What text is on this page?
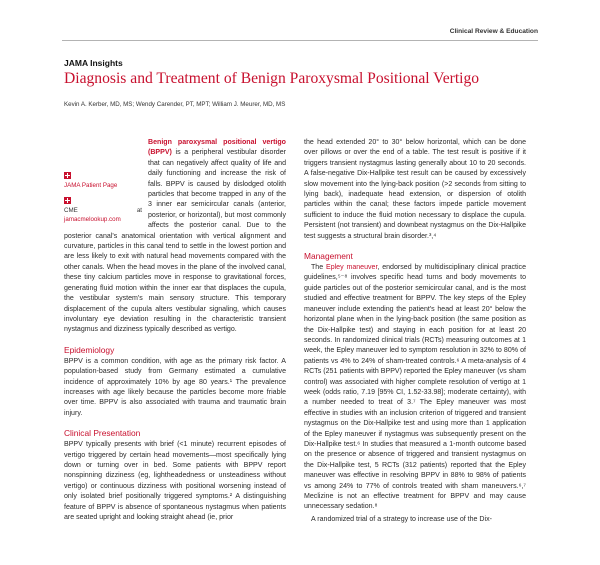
Clinical Review & Education
JAMA Insights
Diagnosis and Treatment of Benign Paroxysmal Positional Vertigo
Kevin A. Kerber, MD, MS; Wendy Carender, PT, MPT; William J. Meurer, MD, MS

JAMA Patient Page
CME at jamacmelookup.com
Benign paroxysmal positional vertigo (BPPV) is a peripheral vestibular disorder that can negatively affect quality of life and daily functioning and increase the risk of falls. BPPV is caused by dislodged otolith particles that become trapped in any of the 3 inner ear semicircular canals (anterior, posterior, or horizontal), but most commonly affects the posterior canal. Due to the posterior canal's anatomical orientation with vertical alignment and curvature, particles in this canal tend to settle in the lowest portion and are less likely to exit with natural head movements compared with the other canals. When the head moves in the plane of the involved canal, these tiny calcium particles move in response to gravitational forces, generating fluid motion within the inner ear that displaces the cupula, the vestibular system's main sensory structure. This temporary displacement of the cupula alters vestibular signaling, which causes involuntary eye deviation resulting in the characteristic transient nystagmus and dizziness typically described as vertigo.

Epidemiology

BPPV is a common condition, with age as the primary risk factor. A population-based study from Germany estimated a cumulative incidence of approximately 10% by age 80 years.¹ The prevalence increases with age likely because the particles become more friable over time. BPPV is also associated with trauma and traumatic brain injury.

Clinical Presentation

BPPV typically presents with brief (<1 minute) recurrent episodes of vertigo triggered by certain head movements—most specifically lying down or turning over in bed. Some patients with BPPV report nonspinning dizziness (eg, lightheadedness or unsteadiness without vertigo) or continuous dizziness with positional worsening instead of only isolated brief positionally triggered symptoms.² A distinguishing feature of BPPV is absence of spontaneous nystagmus when patients are seated upright and looking straight ahead (ie, prior

the head extended 20° to 30° below horizontal, which can be done over pillows or over the end of a table. The test result is positive if it triggers transient nystagmus lasting generally about 10 to 20 seconds. A false-negative Dix-Hallpike test result can be caused by excessively slow movement into the lying-back position (>2 seconds from sitting to lying back), inadequate head extension, or dispersion of otolith particles within the canal; these factors impede particle movement sufficient to induce the fluid motion necessary to displace the cupula. Persistent (not transient) and downbeat nystagmus on the Dix-Hallpike test suggests a structural brain disorder.³,⁴

Management

The Epley maneuver, endorsed by multidisciplinary clinical practice guidelines,⁵⁻⁸ involves specific head turns and body movements to guide particles out of the posterior semicircular canal, and is the most studied and effective treatment for BPPV. The key steps of the Epley maneuver include extending the patient's head at least 20° below the horizontal plane when in the lying-back position (the same position as the Dix-Hallpike test) and staying in each position for at least 20 seconds. In randomized clinical trials (RCTs) measuring outcomes at 1 week, the Epley maneuver led to symptom resolution in 32% to 80% of patients vs 4% to 24% of sham-treated controls.⁶ A meta-analysis of 4 RCTs (251 patients with BPPV) reported the Epley maneuver (vs sham control) was associated with higher complete resolution of vertigo at 1 week (odds ratio, 7.19 [95% CI, 1.52-33.98]; moderate certainty), with a number needed to treat of 3.⁷ The Epley maneuver was most effective in studies with an inclusion criterion of triggered and transient nystagmus on the Dix-Hallpike test and using more than 1 application of the Epley maneuver if nystagmus was subsequently present on the Dix-Hallpike test.⁶ In studies that measured a 1-month outcome based on the presence or absence of triggered and transient nystagmus on the Dix-Hallpike test, 5 RCTs (312 patients) reported that the Epley maneuver was effective in resolving BPPV in 88% to 98% of patients vs among 24% to 77% of controls treated with sham maneuvers.⁶,⁷ Meclizine is not an effective treatment for BPPV and may cause unnecessary sedation.⁸

A randomized trial of a strategy to increase use of the Dix-
